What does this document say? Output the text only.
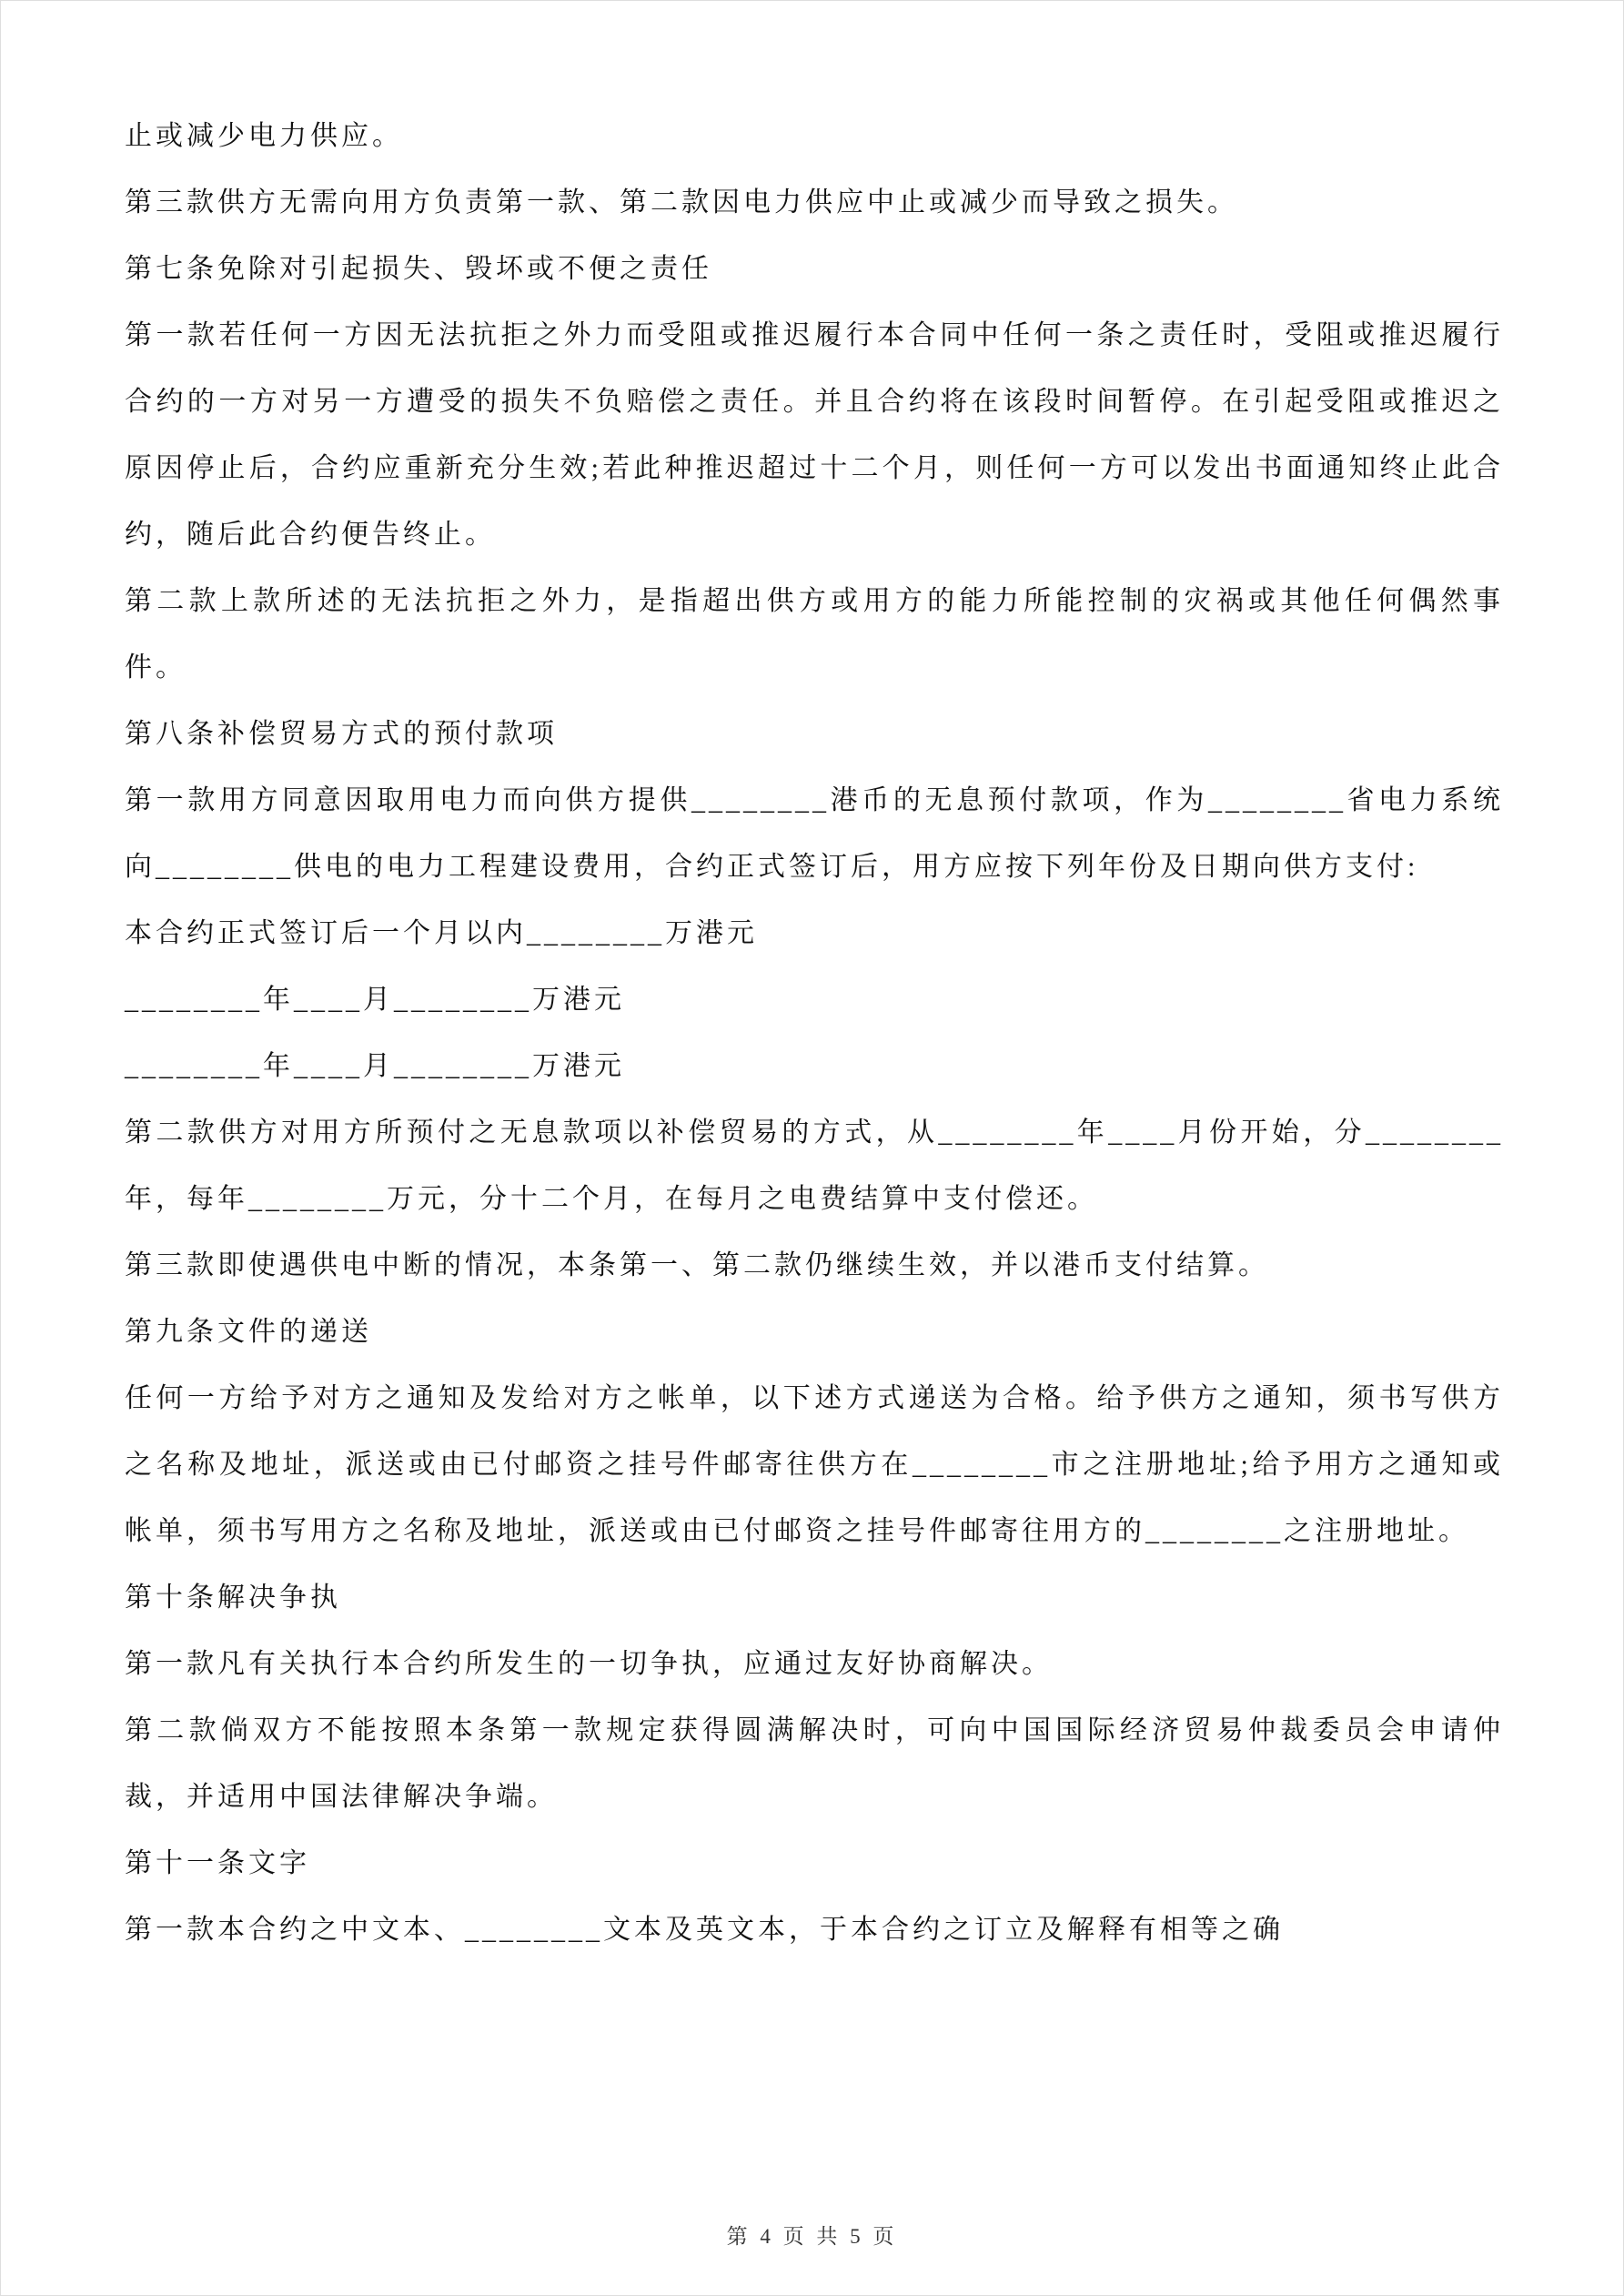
止或减少电力供应。

第三款供方无需向用方负责第一款、第二款因电力供应中止或减少而导致之损失。

第七条免除对引起损失、毁坏或不便之责任

第一款若任何一方因无法抗拒之外力而受阻或推迟履行本合同中任何一条之责任时，受阻或推迟履行合约的一方对另一方遭受的损失不负赔偿之责任。并且合约将在该段时间暂停。在引起受阻或推迟之原因停止后，合约应重新充分生效;若此种推迟超过十二个月，则任何一方可以发出书面通知终止此合约，随后此合约便告终止。

第二款上款所述的无法抗拒之外力，是指超出供方或用方的能力所能控制的灾祸或其他任何偶然事件。

第八条补偿贸易方式的预付款项

第一款用方同意因取用电力而向供方提供________港币的无息预付款项，作为________省电力系统向________供电的电力工程建设费用，合约正式签订后，用方应按下列年份及日期向供方支付:

本合约正式签订后一个月以内________万港元

________年____月________万港元

________年____月________万港元

第二款供方对用方所预付之无息款项以补偿贸易的方式，从________年____月份开始，分________年，每年________万元，分十二个月，在每月之电费结算中支付偿还。

第三款即使遇供电中断的情况，本条第一、第二款仍继续生效，并以港币支付结算。

第九条文件的递送

任何一方给予对方之通知及发给对方之帐单，以下述方式递送为合格。给予供方之通知，须书写供方之名称及地址，派送或由已付邮资之挂号件邮寄往供方在________市之注册地址;给予用方之通知或帐单，须书写用方之名称及地址，派送或由已付邮资之挂号件邮寄往用方的________之注册地址。

第十条解决争执

第一款凡有关执行本合约所发生的一切争执，应通过友好协商解决。

第二款倘双方不能按照本条第一款规定获得圆满解决时，可向中国国际经济贸易仲裁委员会申请仲裁，并适用中国法律解决争端。

第十一条文字

第一款本合约之中文本、________文本及英文本，于本合约之订立及解释有相等之确

第 4 页 共 5 页
